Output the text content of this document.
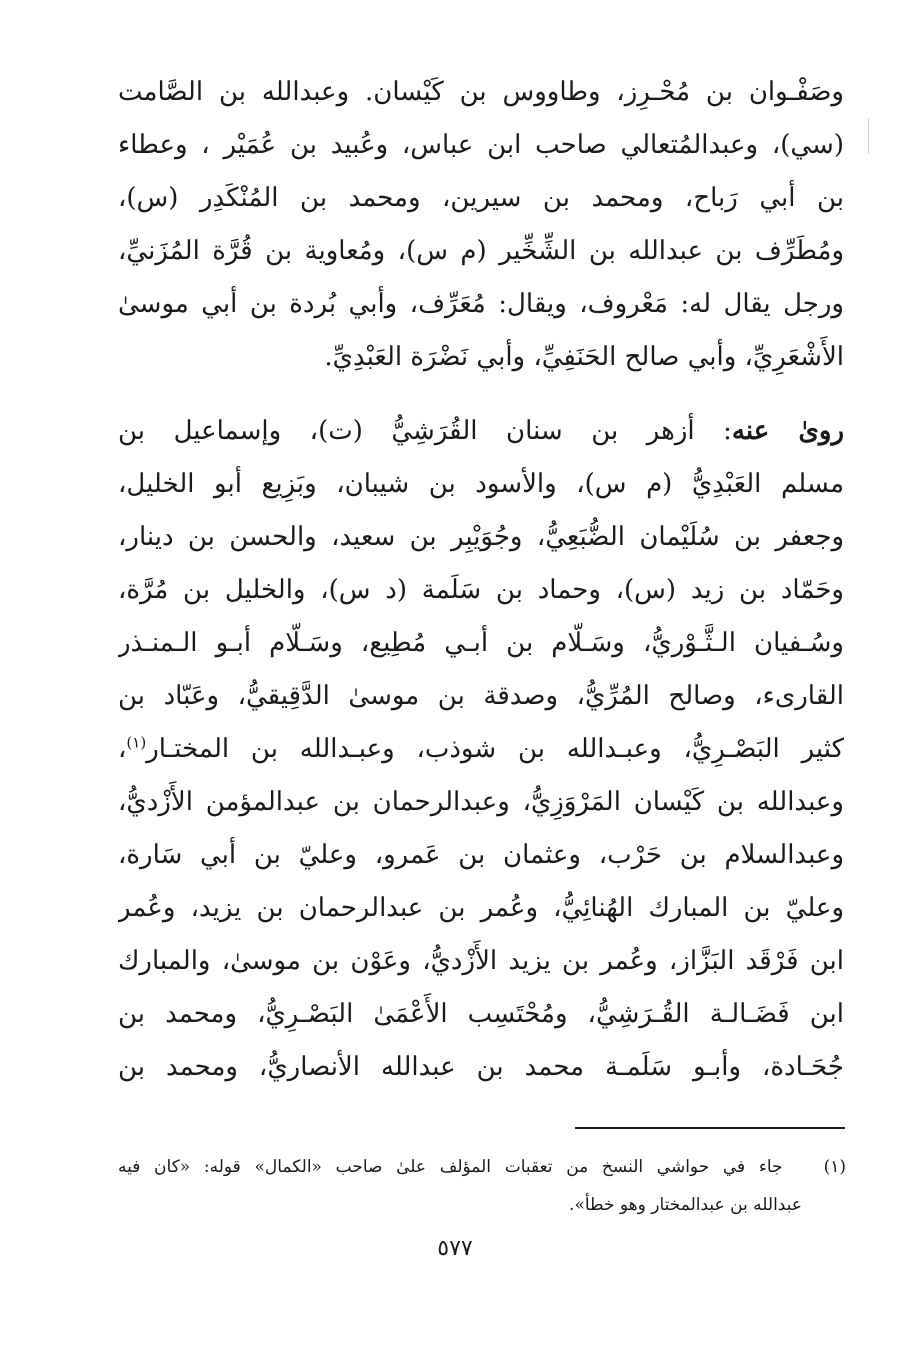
وصَفْـوان بن مُحْـرِز، وطاووس بن كَيْسان. وعبدالله بن الصَّامت
(سي)، وعبدالمُتعالي صاحب ابن عباس، وعُبيد بن عُمَيْر ، وعطاء
بن أبي رَباح، ومحمد بن سيرين، ومحمد بن المُنْكَدِر (س)،
ومُطَرِّف بن عبدالله بن الشِّخِّير (م س)، ومُعاوية بن قُرَّة المُزَنيِّ،
ورجل يقال له: مَعْروف، ويقال: مُعَرِّف، وأبي بُردة بن أبي موسىٰ
الأَشْعَرِيِّ، وأبي صالح الحَنَفِيِّ، وأبي نَضْرَة العَبْدِيِّ.

روىٰ عنه: أزهر بن سنان القُرَشِيُّ (ت)، وإسماعيل بن
مسلم العَبْدِيُّ (م س)، والأسود بن شيبان، وبَزِيع أبو الخليل،
وجعفر بن سُلَيْمان الضُّبَعِيُّ، وجُوَيْبِر بن سعيد، والحسن بن دينار،
وحَمّاد بن زيد (س)، وحماد بن سَلَمة (د س)، والخليل بن مُرَّة،
وسُـفيان الـثَّـوْريُّ، وسَـلّام بن أبـي مُطِيع، وسَـلّام أبـو الـمنـذر
القارىء، وصالح المُرِّيُّ، وصدقة بن موسىٰ الدَّقِيقيُّ، وعَبّاد بن
كثير البَصْـرِيُّ، وعبـدالله بن شوذب، وعبـدالله بن المختـار$^{(١)}$،
وعبدالله بن كَيْسان المَرْوَزِيُّ، وعبدالرحمان بن عبدالمؤمن الأَزْديُّ،
وعبدالسلام بن حَرْب، وعثمان بن عَمرو، وعليّ بن أبي سَارة،
وعليّ بن المبارك الهُنائِيُّ، وعُمر بن عبدالرحمان بن يزيد، وعُمر
ابن فَرْقَد البَزَّاز، وعُمر بن يزيد الأَزْديُّ، وعَوْن بن موسىٰ، والمبارك
ابن فَضَـالـة القُـرَشِيُّ، ومُحْتَسِب الأَعْمَىٰ البَصْـرِيُّ، ومحمد بن
جُحَـادة، وأبـو سَلَمـة محمد بن عبدالله الأنصاريُّ، ومحمد بن

(١)   جاء في حواشي النسخ من تعقبات المؤلف علىٰ صاحب «الكمال» قوله: «كان فيه
عبدالله بن عبدالمختار وهو خطأ».
٥٧٧
